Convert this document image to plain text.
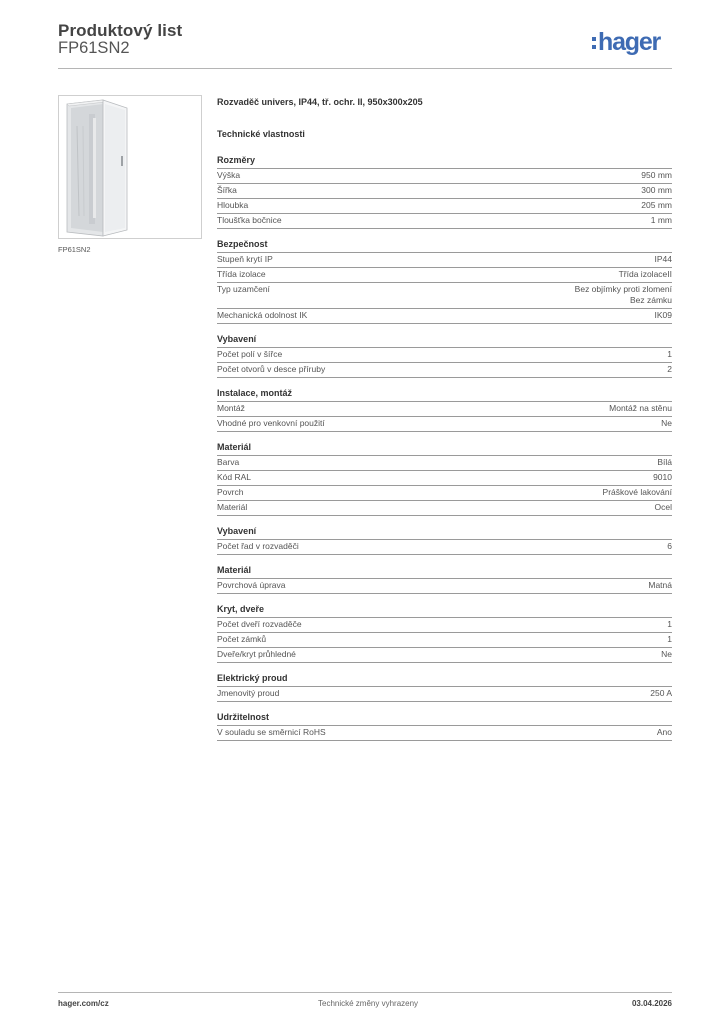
Produktový list
FP61SN2	hager
FP61SN2
Rozvaděč univers, IP44, tř. ochr. II, 950x300x205
Technické vlastnosti
Rozměry
Výška	950 mm
Šířka	300 mm
Hloubka	205 mm
Tloušťka bočnice	1 mm
Bezpečnost
Stupeň krytí IP	IP44
Třída izolace	Třída izolaceII
Typ uzamčení	Bez objímky proti zlomení
Bez zámku
Mechanická odolnost IK	IK09
Vybavení
Počet polí v šířce	1
Počet otvorů v desce příruby	2
Instalace, montáž
Montáž	Montáž na stěnu
Vhodné pro venkovní použití	Ne
Materiál
Barva	Bílá
Kód RAL	9010
Povrch	Práškové lakování
Materiál	Ocel
Vybavení
Počet řad v rozvaděči	6
Materiál
Povrchová úprava	Matná
Kryt, dveře
Počet dveří rozvaděče	1
Počet zámků	1
Dveře/kryt průhledné	Ne
Elektrický proud
Jmenovitý proud	250 A
Udržitelnost
V souladu se směrnicí RoHS	Ano
hager.com/cz	Technické změny vyhrazeny	03.04.2026
